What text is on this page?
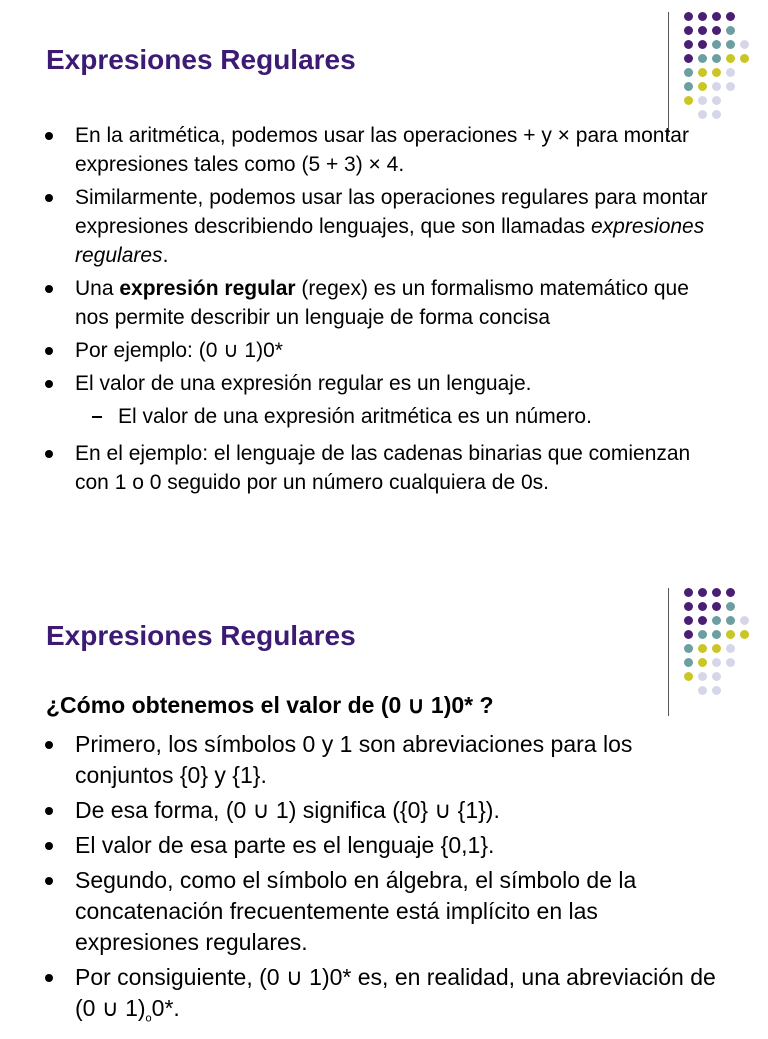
Expresiones Regulares
En la aritmética, podemos usar las operaciones + y × para montar expresiones tales como (5 + 3) × 4.
Similarmente, podemos usar las operaciones regulares para montar expresiones describiendo lenguajes, que son llamadas expresiones regulares.
Una expresión regular (regex) es un formalismo matemático que nos permite describir un lenguaje de forma concisa
Por ejemplo: (0 ∪ 1)0*
El valor de una expresión regular es un lenguaje.
El valor de una expresión aritmética es un número.
En el ejemplo: el lenguaje de las cadenas binarias que comienzan con 1 o 0 seguido por un número cualquiera de 0s.
Expresiones Regulares

¿Cómo obtenemos el valor de (0 ∪ 1)0* ?

Primero, los símbolos 0 y 1 son abreviaciones para los conjuntos {0} y {1}.
De esa forma, (0 ∪ 1) significa ({0} ∪ {1}).
El valor de esa parte es el lenguaje {0,1}.
Segundo, como el símbolo en álgebra, el símbolo de la concatenación frecuentemente está implícito en las expresiones regulares.
Por consiguiente, (0 ∪ 1)0* es, en realidad, una abreviación de (0 ∪ $1)_o0*$.
